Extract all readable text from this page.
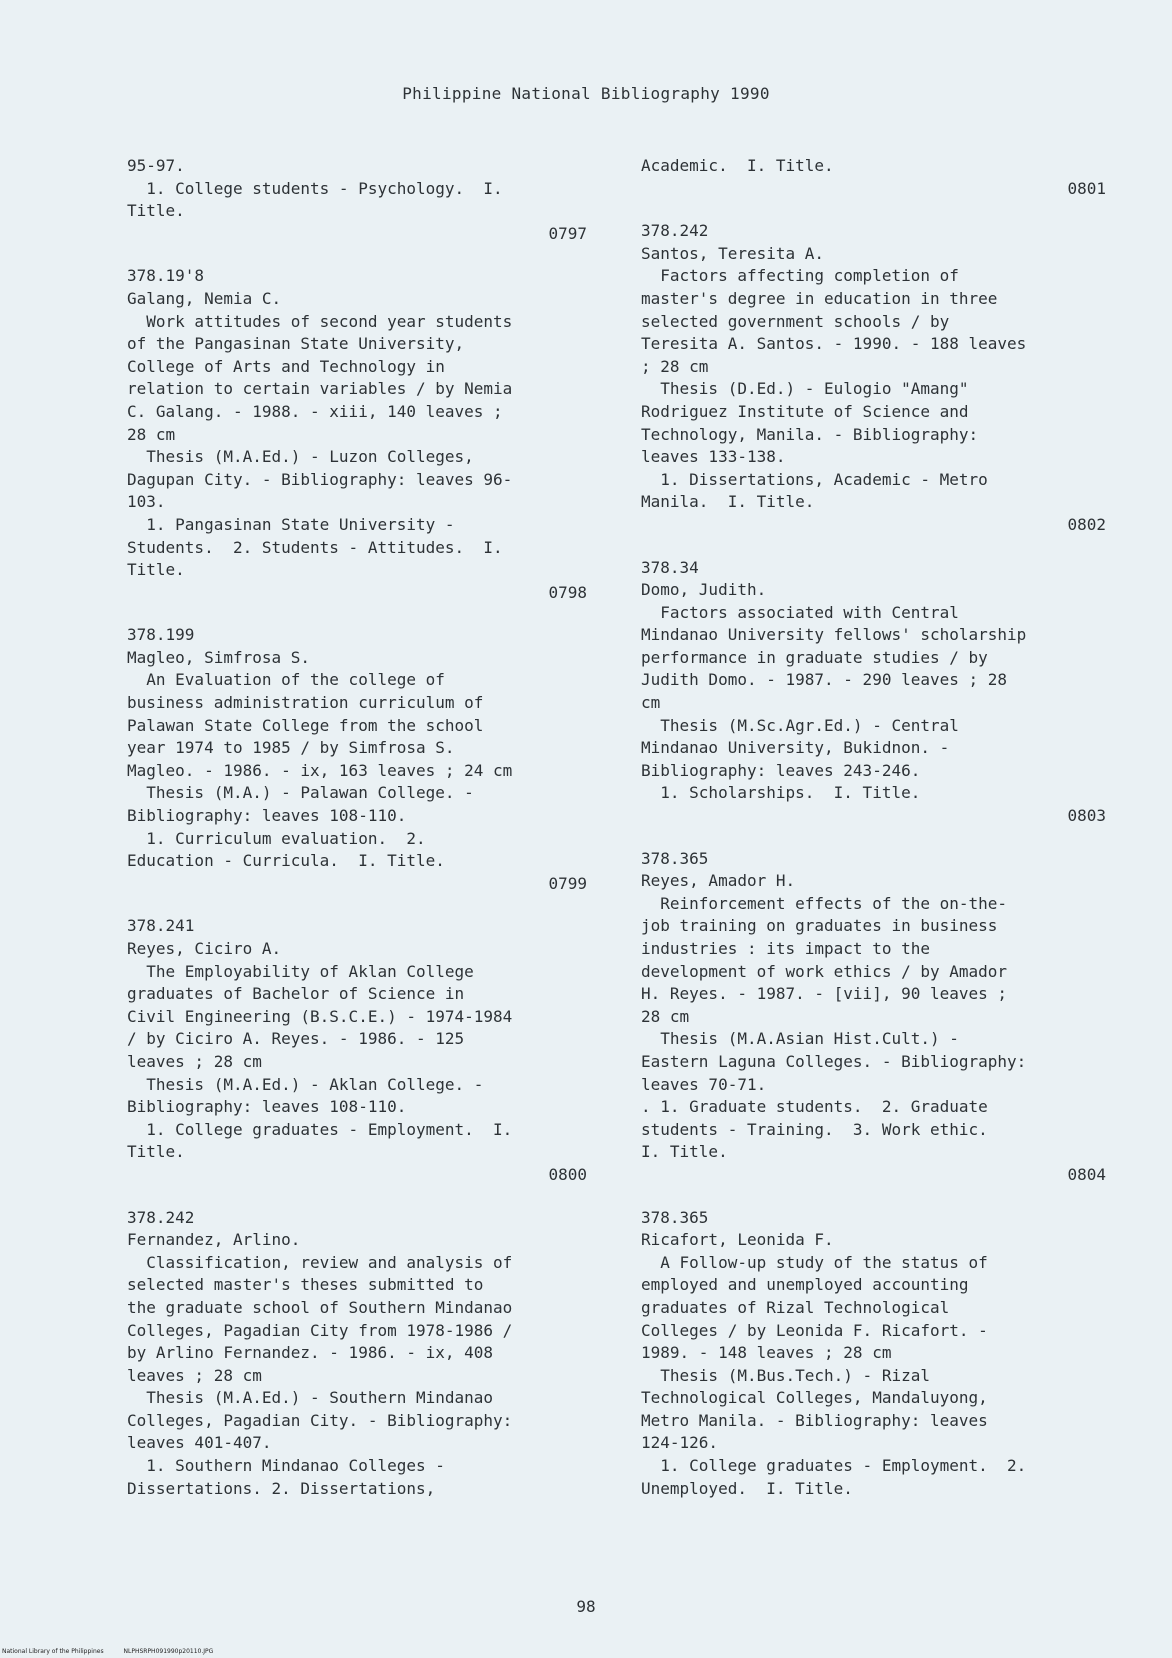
Philippine National Bibliography 1990
95-97.
1. College students - Psychology.  I.
Title.
0797
378.19'8
Galang, Nemia C.
Work attitudes of second year students
of the Pangasinan State University,
College of Arts and Technology in
relation to certain variables / by Nemia
C. Galang. - 1988. - xiii, 140 leaves ;
28 cm
Thesis (M.A.Ed.) - Luzon Colleges,
Dagupan City. - Bibliography: leaves 96-
103.
1. Pangasinan State University -
Students.  2. Students - Attitudes.  I.
Title.
0798
378.199
Magleo, Simfrosa S.
An Evaluation of the college of
business administration curriculum of
Palawan State College from the school
year 1974 to 1985 / by Simfrosa S.
Magleo. - 1986. - ix, 163 leaves ; 24 cm
Thesis (M.A.) - Palawan College. -
Bibliography: leaves 108-110.
1. Curriculum evaluation.  2.
Education - Curricula.  I. Title.
0799
378.241
Reyes, Ciciro A.
The Employability of Aklan College
graduates of Bachelor of Science in
Civil Engineering (B.S.C.E.) - 1974-1984
/ by Ciciro A. Reyes. - 1986. - 125
leaves ; 28 cm
Thesis (M.A.Ed.) - Aklan College. -
Bibliography: leaves 108-110.
1. College graduates - Employment.  I.
Title.
0800
378.242
Fernandez, Arlino.
Classification, review and analysis of
selected master's theses submitted to
the graduate school of Southern Mindanao
Colleges, Pagadian City from 1978-1986 /
by Arlino Fernandez. - 1986. - ix, 408
leaves ; 28 cm
Thesis (M.A.Ed.) - Southern Mindanao
Colleges, Pagadian City. - Bibliography:
leaves 401-407.
1. Southern Mindanao Colleges -
Dissertations. 2. Dissertations,
Academic.  I. Title.
0801
378.242
Santos, Teresita A.
Factors affecting completion of
master's degree in education in three
selected government schools / by
Teresita A. Santos. - 1990. - 188 leaves
; 28 cm
Thesis (D.Ed.) - Eulogio "Amang"
Rodriguez Institute of Science and
Technology, Manila. - Bibliography:
leaves 133-138.
1. Dissertations, Academic - Metro
Manila.  I. Title.
0802
378.34
Domo, Judith.
Factors associated with Central
Mindanao University fellows' scholarship
performance in graduate studies / by
Judith Domo. - 1987. - 290 leaves ; 28
cm
Thesis (M.Sc.Agr.Ed.) - Central
Mindanao University, Bukidnon. -
Bibliography: leaves 243-246.
1. Scholarships.  I. Title.
0803
378.365
Reyes, Amador H.
Reinforcement effects of the on-the-
job training on graduates in business
industries : its impact to the
development of work ethics / by Amador
H. Reyes. - 1987. - [vii], 90 leaves ;
28 cm
Thesis (M.A.Asian Hist.Cult.) -
Eastern Laguna Colleges. - Bibliography:
leaves 70-71.
. 1. Graduate students.  2. Graduate
students - Training.  3. Work ethic.
I. Title.
0804
378.365
Ricafort, Leonida F.
A Follow-up study of the status of
employed and unemployed accounting
graduates of Rizal Technological
Colleges / by Leonida F. Ricafort. -
1989. - 148 leaves ; 28 cm
Thesis (M.Bus.Tech.) - Rizal
Technological Colleges, Mandaluyong,
Metro Manila. - Bibliography: leaves
124-126.
1. College graduates - Employment.  2.
Unemployed.  I. Title.
98
National Library of the Philippines	NLPHSRPH091990p20110.JPG
